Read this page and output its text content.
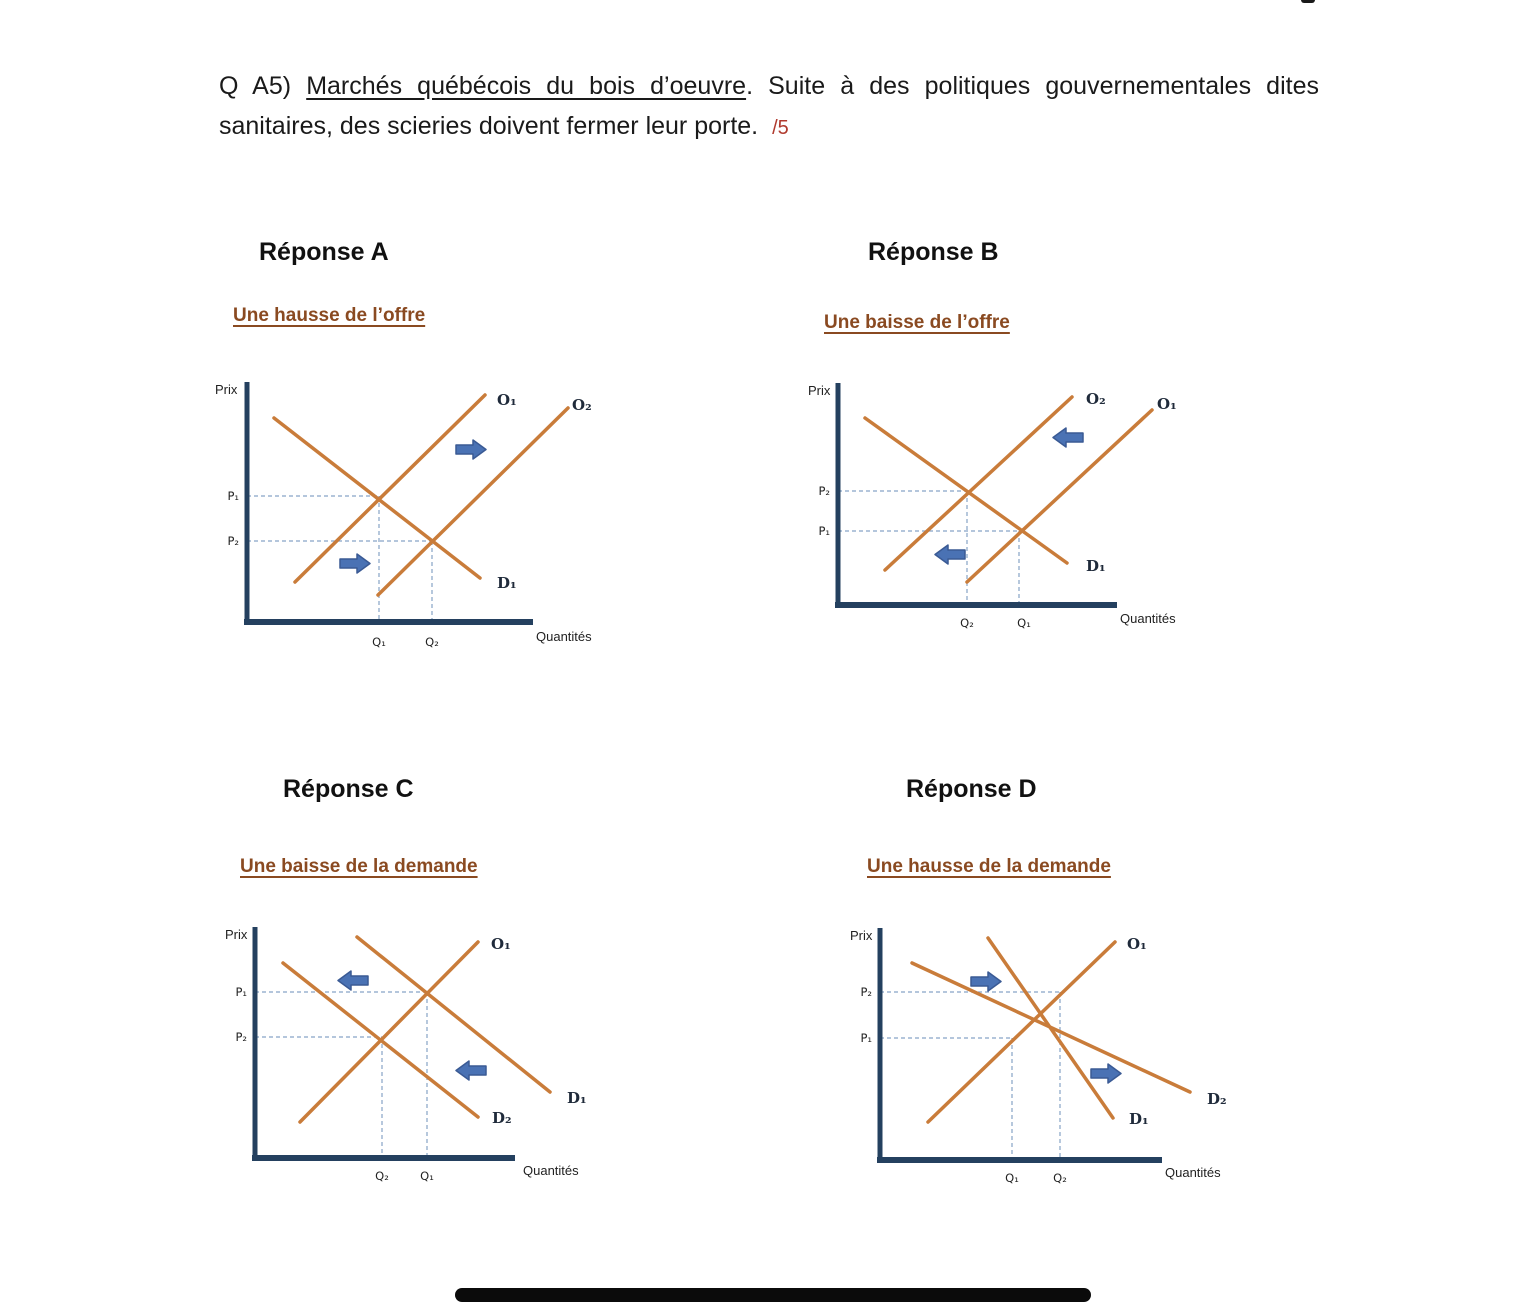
Q A5) Marchés québécois du bois d’oeuvre. Suite à des politiques gouvernementales dites
sanitaires, des scieries doivent fermer leur porte. /5
Réponse A	Réponse B
Réponse C	Réponse D
Une hausse de l’offre	Une baisse de l’offre
Une baisse de la demande	Une hausse de la demande
Prix
O₁	O₂
D₁
P₁
P₂
Q₁	Q₂	Quantités
Prix	O₂	O₁
D₁
P₂
P₁
Q₂	Q₁	Quantités
Prix
O₁
D₁
D₂
P₁
P₂
Q₂	Q₁	Quantités
Prix	O₁
D₂
D₁
P₂
P₁
Q₁	Q₂	Quantités
